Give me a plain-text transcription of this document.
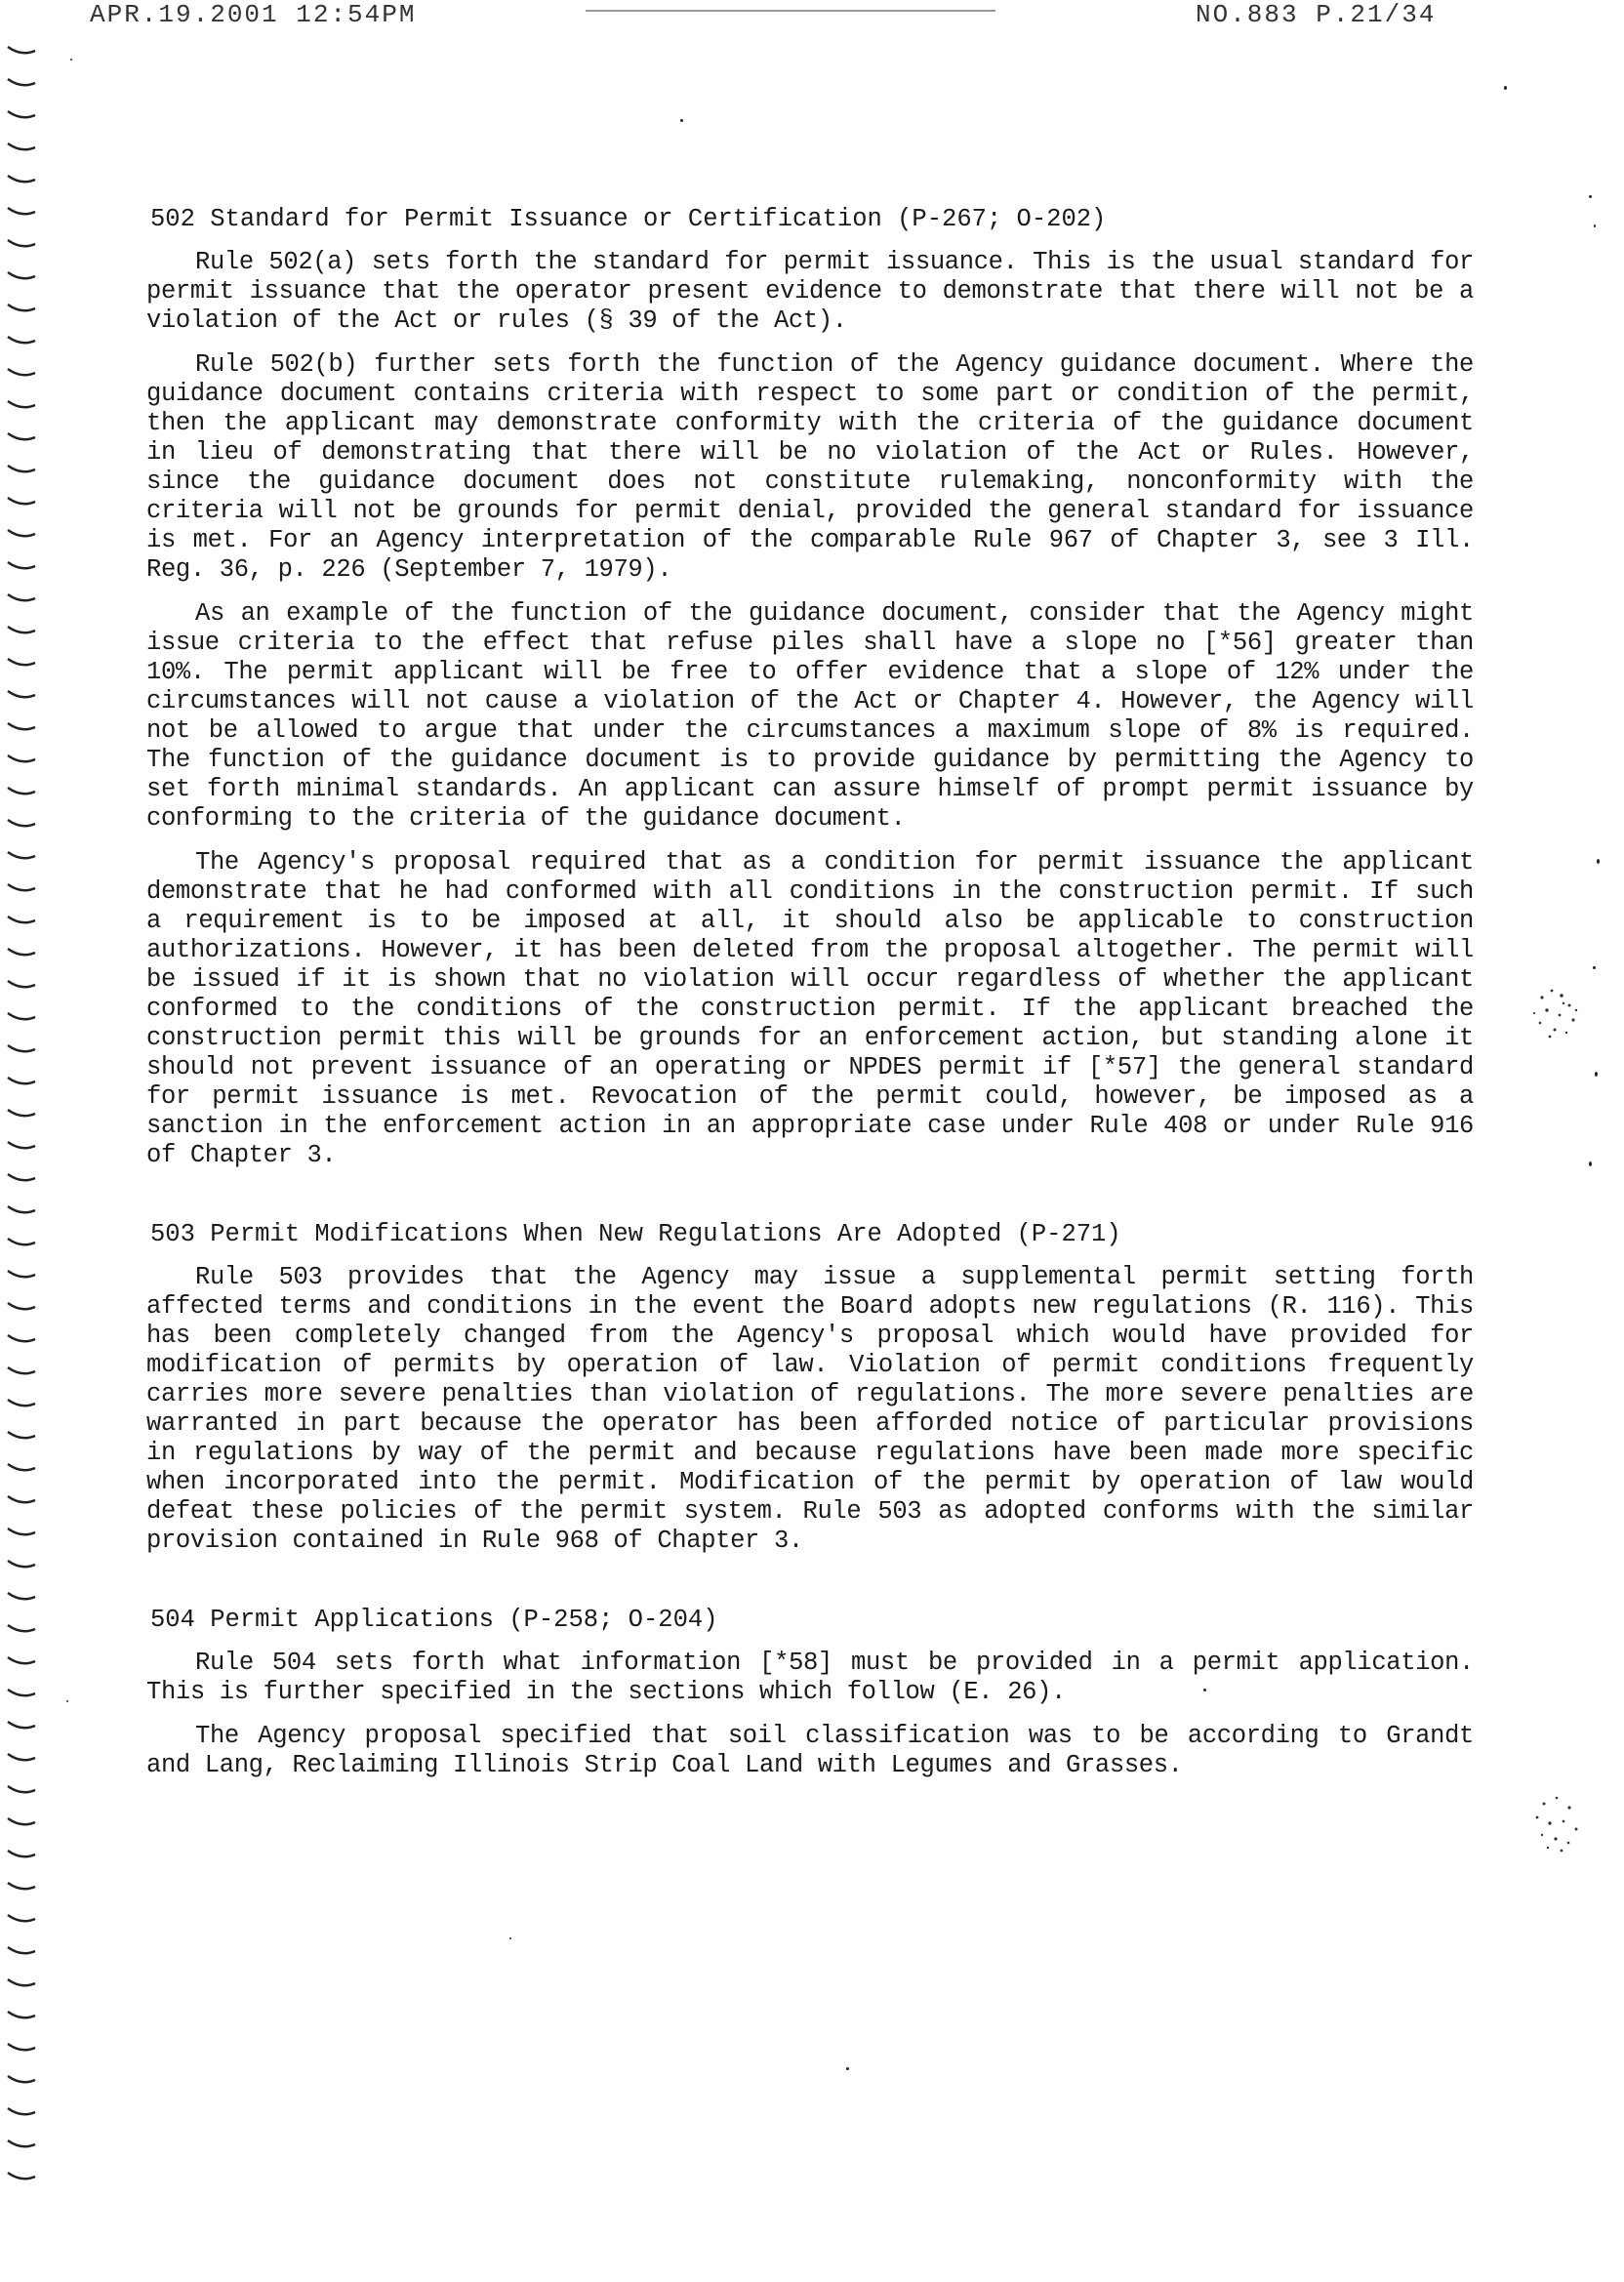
APR.19.2001 12:54PM	NO.883 P.21/34
502 Standard for Permit Issuance or Certification (P-267; O-202)

Rule 502(a) sets forth the standard for permit issuance. This is the usual standard for permit issuance that the operator present evidence to demonstrate that there will not be a violation of the Act or rules (§ 39 of the Act).

Rule 502(b) further sets forth the function of the Agency guidance document. Where the guidance document contains criteria with respect to some part or condition of the permit, then the applicant may demonstrate conformity with the criteria of the guidance document in lieu of demonstrating that there will be no violation of the Act or Rules. However, since the guidance document does not constitute rulemaking, nonconformity with the criteria will not be grounds for permit denial, provided the general standard for issuance is met. For an Agency interpretation of the comparable Rule 967 of Chapter 3, see 3 Ill. Reg. 36, p. 226 (September 7, 1979).

As an example of the function of the guidance document, consider that the Agency might issue criteria to the effect that refuse piles shall have a slope no [*56] greater than 10%. The permit applicant will be free to offer evidence that a slope of 12% under the circumstances will not cause a violation of the Act or Chapter 4. However, the Agency will not be allowed to argue that under the circumstances a maximum slope of 8% is required. The function of the guidance document is to provide guidance by permitting the Agency to set forth minimal standards. An applicant can assure himself of prompt permit issuance by conforming to the criteria of the guidance document.

The Agency's proposal required that as a condition for permit issuance the applicant demonstrate that he had conformed with all conditions in the construction permit. If such a requirement is to be imposed at all, it should also be applicable to construction authorizations. However, it has been deleted from the proposal altogether. The permit will be issued if it is shown that no violation will occur regardless of whether the applicant conformed to the conditions of the construction permit. If the applicant breached the construction permit this will be grounds for an enforcement action, but standing alone it should not prevent issuance of an operating or NPDES permit if [*57] the general standard for permit issuance is met. Revocation of the permit could, however, be imposed as a sanction in the enforcement action in an appropriate case under Rule 408 or under Rule 916 of Chapter 3.

503 Permit Modifications When New Regulations Are Adopted (P-271)

Rule 503 provides that the Agency may issue a supplemental permit setting forth affected terms and conditions in the event the Board adopts new regulations (R. 116). This has been completely changed from the Agency's proposal which would have provided for modification of permits by operation of law. Violation of permit conditions frequently carries more severe penalties than violation of regulations. The more severe penalties are warranted in part because the operator has been afforded notice of particular provisions in regulations by way of the permit and because regulations have been made more specific when incorporated into the permit. Modification of the permit by operation of law would defeat these policies of the permit system. Rule 503 as adopted conforms with the similar provision contained in Rule 968 of Chapter 3.

504 Permit Applications (P-258; O-204)

Rule 504 sets forth what information [*58] must be provided in a permit application. This is further specified in the sections which follow (E. 26).

The Agency proposal specified that soil classification was to be according to Grandt and Lang, Reclaiming Illinois Strip Coal Land with Legumes and Grasses.
